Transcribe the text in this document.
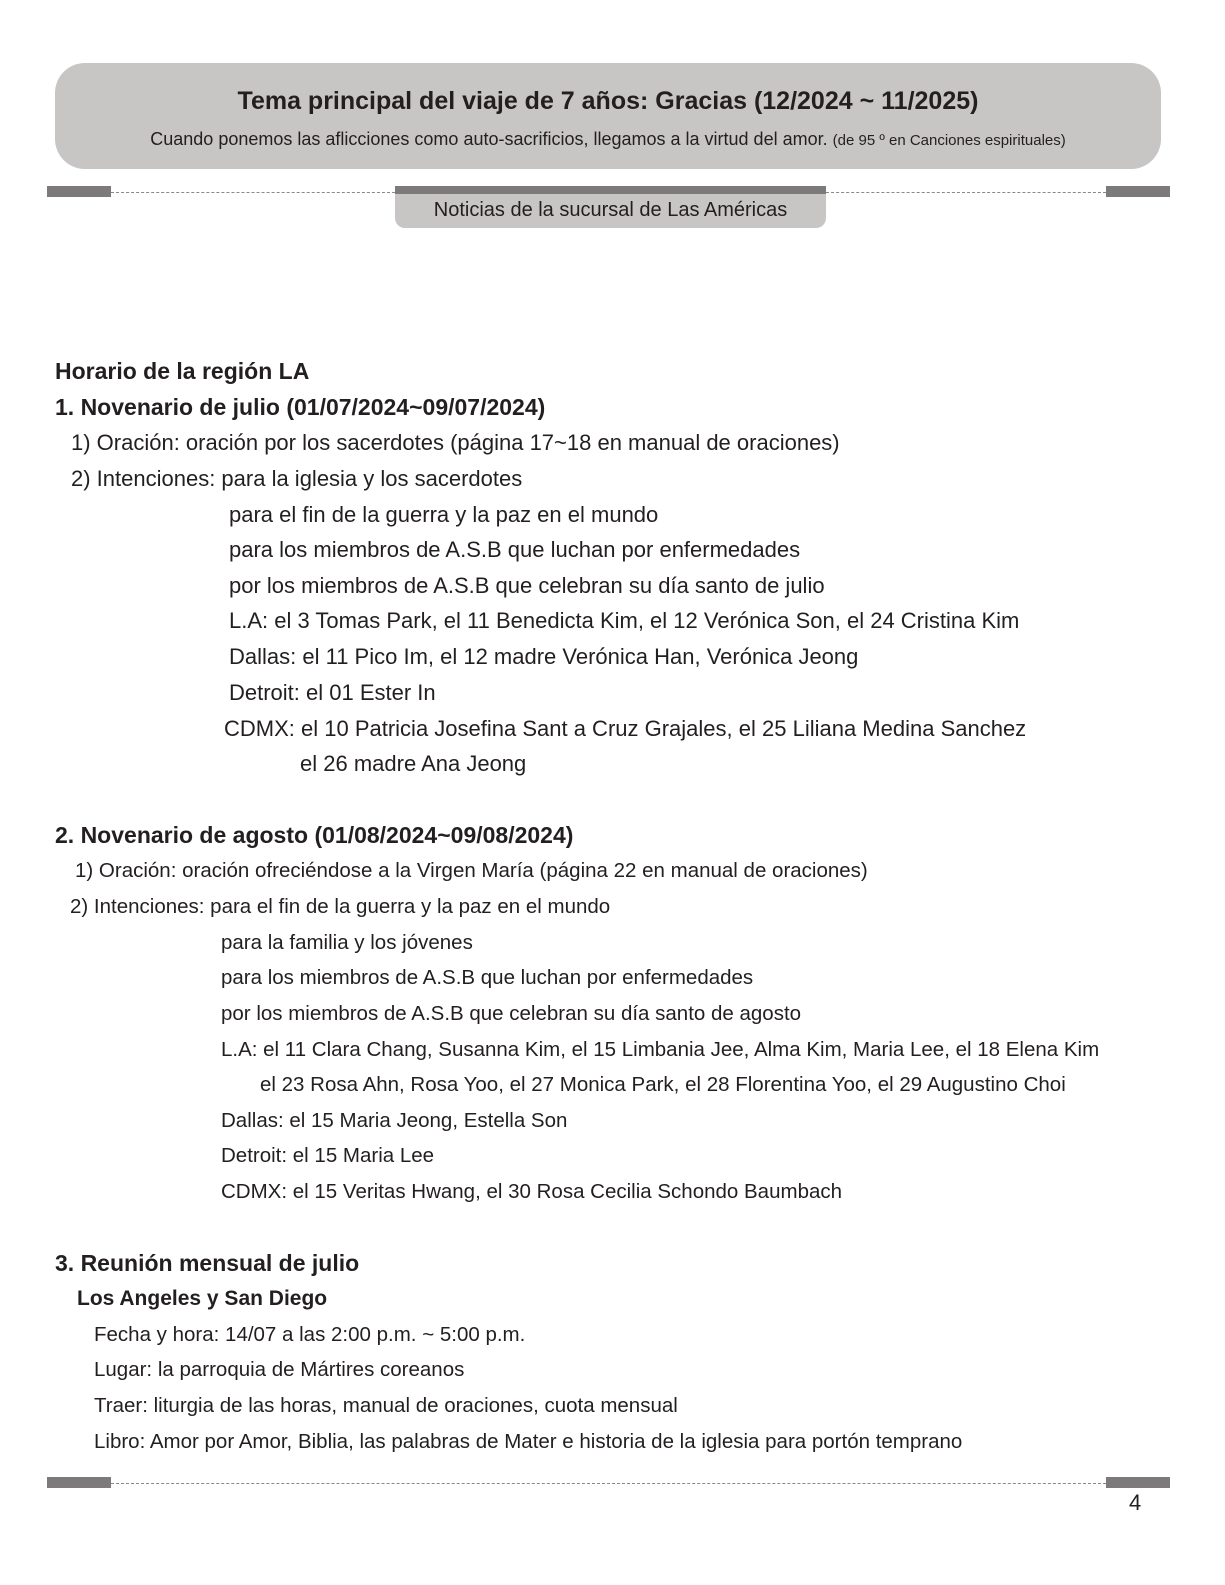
Tema principal del viaje de 7 años: Gracias (12/2024 ~ 11/2025)
Cuando ponemos las aflicciones como auto-sacrificios, llegamos a la virtud del amor. (de 95 º en Canciones espirituales)
Noticias de la sucursal de Las Américas
Horario de la región LA
1. Novenario de julio (01/07/2024~09/07/2024)
1) Oración: oración por los sacerdotes (página 17~18 en manual de oraciones)
2) Intenciones: para la iglesia y los sacerdotes
para el fin de la guerra y la paz en el mundo
para los miembros de A.S.B que luchan por enfermedades
por los miembros de A.S.B que celebran su día santo de julio
L.A: el 3 Tomas Park, el 11 Benedicta Kim, el 12 Verónica Son, el 24 Cristina Kim
Dallas: el 11 Pico Im, el 12 madre Verónica Han, Verónica Jeong
Detroit: el 01 Ester In
CDMX: el 10 Patricia Josefina Sant a Cruz Grajales, el 25 Liliana Medina Sanchez
el 26 madre Ana Jeong
2. Novenario de agosto (01/08/2024~09/08/2024)
1) Oración: oración ofreciéndose a la Virgen María (página 22 en manual de oraciones)
2) Intenciones: para el fin de la guerra y la paz en el mundo
para la familia y los jóvenes
para los miembros de A.S.B que luchan por enfermedades
por los miembros de A.S.B que celebran su día santo de agosto
L.A: el 11 Clara Chang, Susanna Kim, el 15 Limbania Jee, Alma Kim, Maria Lee, el 18 Elena Kim
el 23 Rosa Ahn, Rosa Yoo, el 27 Monica Park, el 28 Florentina Yoo, el 29 Augustino Choi
Dallas: el 15 Maria Jeong, Estella Son
Detroit: el 15 Maria Lee
CDMX: el 15 Veritas Hwang, el 30 Rosa Cecilia Schondo Baumbach
3. Reunión mensual de julio
Los Angeles y San Diego
Fecha y hora: 14/07 a las 2:00 p.m. ~ 5:00 p.m.
Lugar: la parroquia de Mártires coreanos
Traer: liturgia de las horas, manual de oraciones, cuota mensual
Libro: Amor por Amor, Biblia, las palabras de Mater e historia de la iglesia para portón temprano
4
